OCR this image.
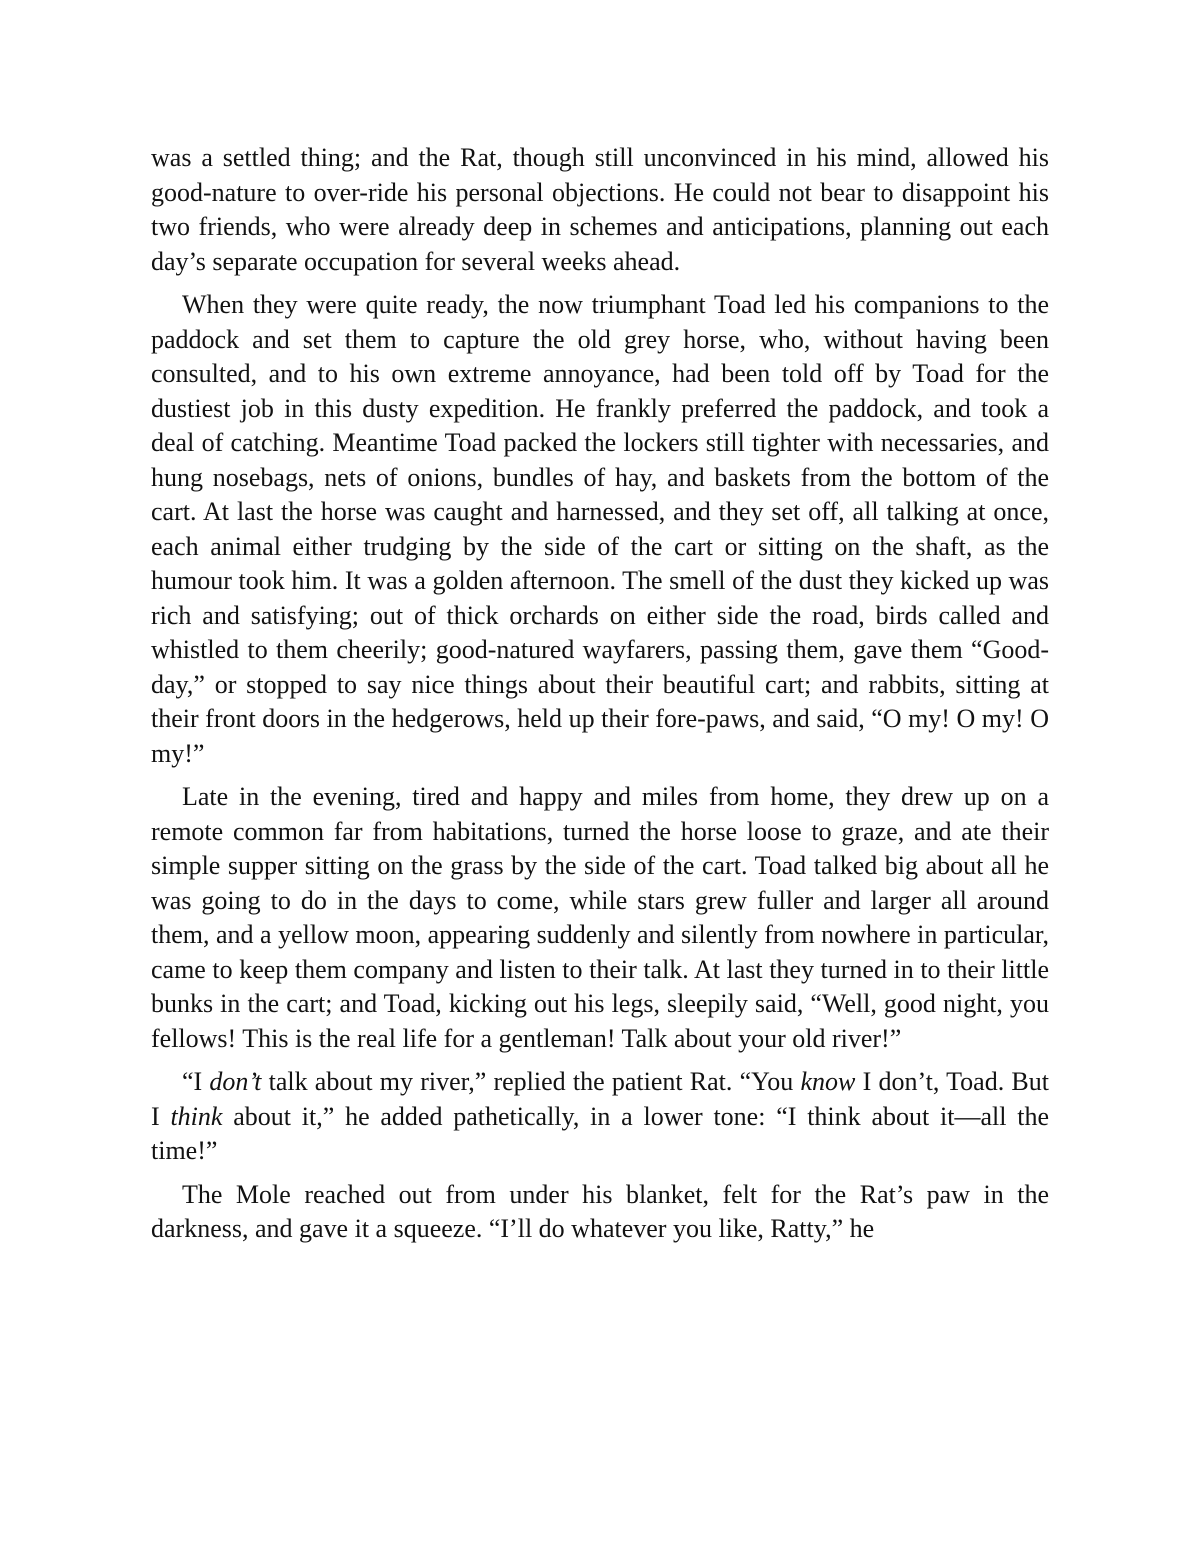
was a settled thing; and the Rat, though still unconvinced in his mind, allowed his good-nature to over-ride his personal objections. He could not bear to disappoint his two friends, who were already deep in schemes and anticipations, planning out each day’s separate occupation for several weeks ahead.

When they were quite ready, the now triumphant Toad led his companions to the paddock and set them to capture the old grey horse, who, without having been consulted, and to his own extreme annoyance, had been told off by Toad for the dustiest job in this dusty expedition. He frankly preferred the paddock, and took a deal of catching. Meantime Toad packed the lockers still tighter with necessaries, and hung nosebags, nets of onions, bundles of hay, and baskets from the bottom of the cart. At last the horse was caught and harnessed, and they set off, all talking at once, each animal either trudging by the side of the cart or sitting on the shaft, as the humour took him. It was a golden afternoon. The smell of the dust they kicked up was rich and satisfying; out of thick orchards on either side the road, birds called and whistled to them cheerily; good-natured wayfarers, passing them, gave them “Good-day,” or stopped to say nice things about their beautiful cart; and rabbits, sitting at their front doors in the hedgerows, held up their fore-paws, and said, “O my! O my! O my!”

Late in the evening, tired and happy and miles from home, they drew up on a remote common far from habitations, turned the horse loose to graze, and ate their simple supper sitting on the grass by the side of the cart. Toad talked big about all he was going to do in the days to come, while stars grew fuller and larger all around them, and a yellow moon, appearing suddenly and silently from nowhere in particular, came to keep them company and listen to their talk. At last they turned in to their little bunks in the cart; and Toad, kicking out his legs, sleepily said, “Well, good night, you fellows! This is the real life for a gentleman! Talk about your old river!”

“I don’t talk about my river,” replied the patient Rat. “You know I don’t, Toad. But I think about it,” he added pathetically, in a lower tone: “I think about it—all the time!”

The Mole reached out from under his blanket, felt for the Rat’s paw in the darkness, and gave it a squeeze. “I’ll do whatever you like, Ratty,” he
